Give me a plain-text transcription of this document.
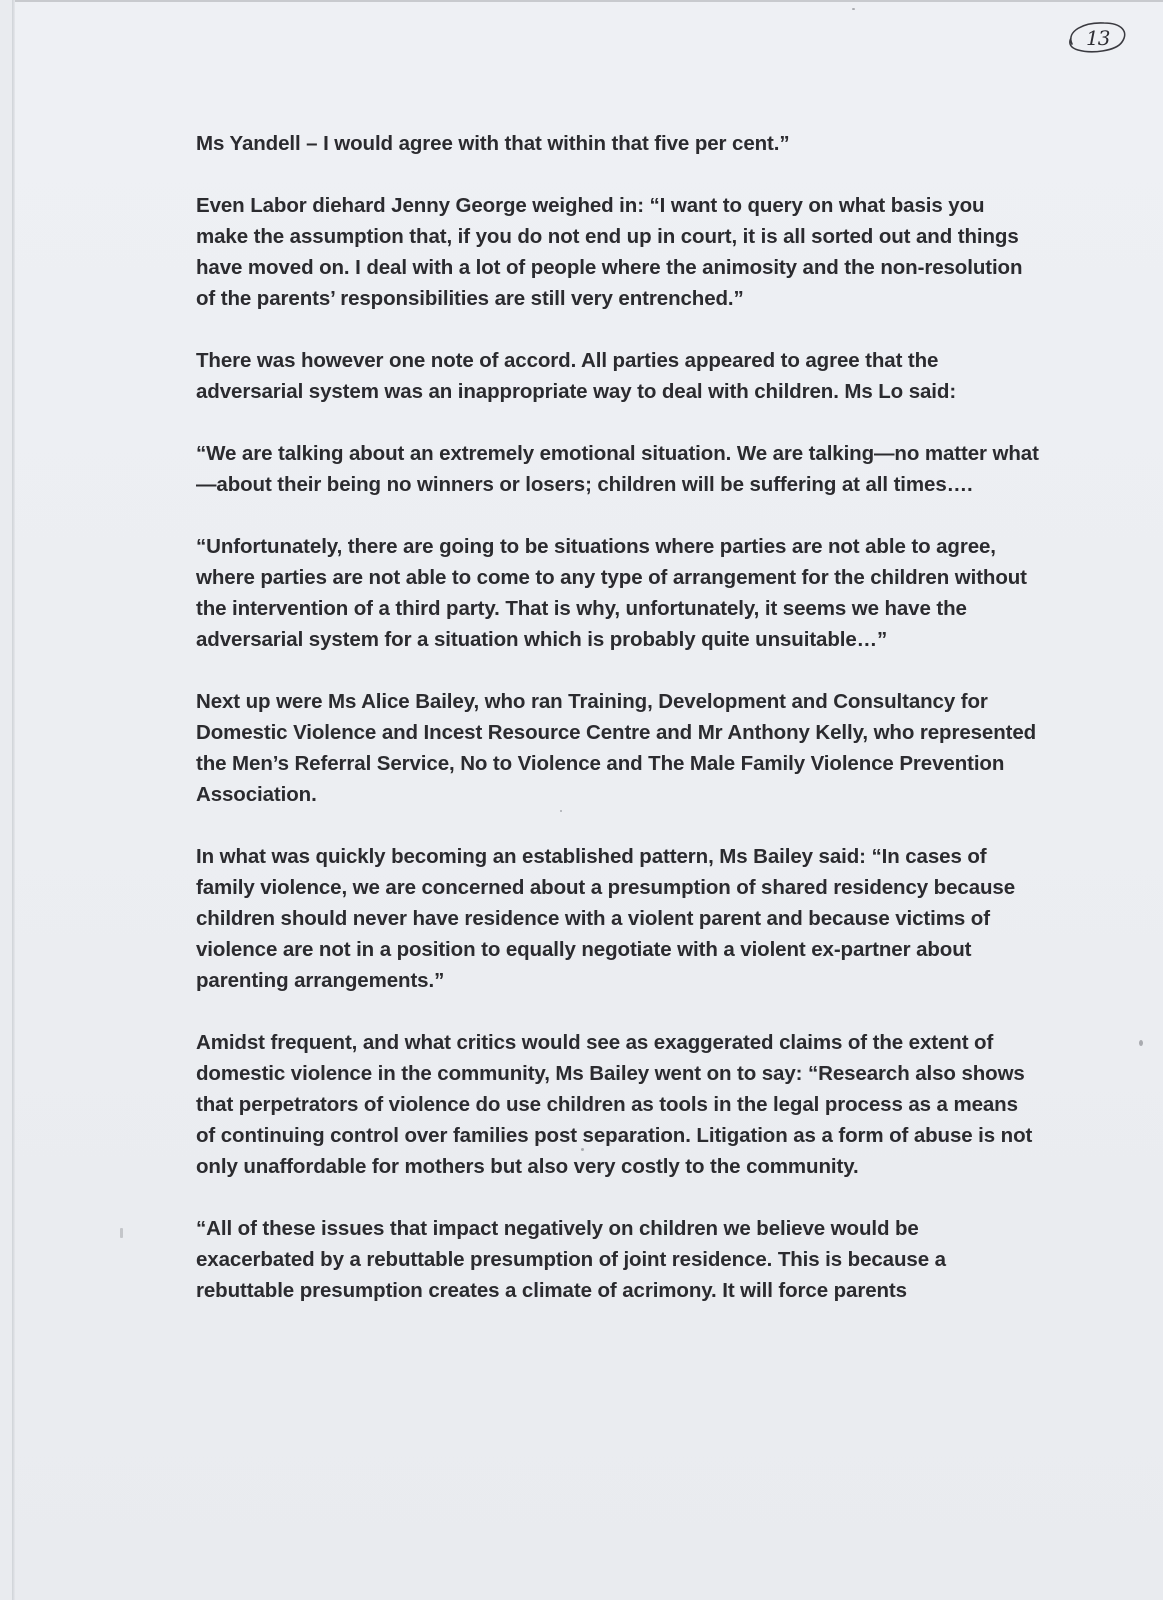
13

Ms Yandell – I would agree with that within that five per cent.”

Even Labor diehard Jenny George weighed in: “I want to query on what basis you make the assumption that, if you do not end up in court, it is all sorted out and things have moved on. I deal with a lot of people where the animosity and the non-resolution of the parents’ responsibilities are still very entrenched.”

There was however one note of accord. All parties appeared to agree that the adversarial system was an inappropriate way to deal with children. Ms Lo said:

“We are talking about an extremely emotional situation. We are talking—no matter what—about their being no winners or losers; children will be suffering at all times….

“Unfortunately, there are going to be situations where parties are not able to agree, where parties are not able to come to any type of arrangement for the children without the intervention of a third party. That is why, unfortunately, it seems we have the adversarial system for a situation which is probably quite unsuitable…”

Next up were Ms Alice Bailey, who ran Training, Development and Consultancy for Domestic Violence and Incest Resource Centre and Mr Anthony Kelly, who represented the Men’s Referral Service, No to Violence and The Male Family Violence Prevention Association.

In what was quickly becoming an established pattern, Ms Bailey said: “In cases of family violence, we are concerned about a presumption of shared residency because children should never have residence with a violent parent and because victims of violence are not in a position to equally negotiate with a violent ex-partner about parenting arrangements.”

Amidst frequent, and what critics would see as exaggerated claims of the extent of domestic violence in the community, Ms Bailey went on to say: “Research also shows that perpetrators of violence do use children as tools in the legal process as a means of continuing control over families post separation. Litigation as a form of abuse is not only unaffordable for mothers but also very costly to the community.

“All of these issues that impact negatively on children we believe would be exacerbated by a rebuttable presumption of joint residence. This is because a rebuttable presumption creates a climate of acrimony. It will force parents
